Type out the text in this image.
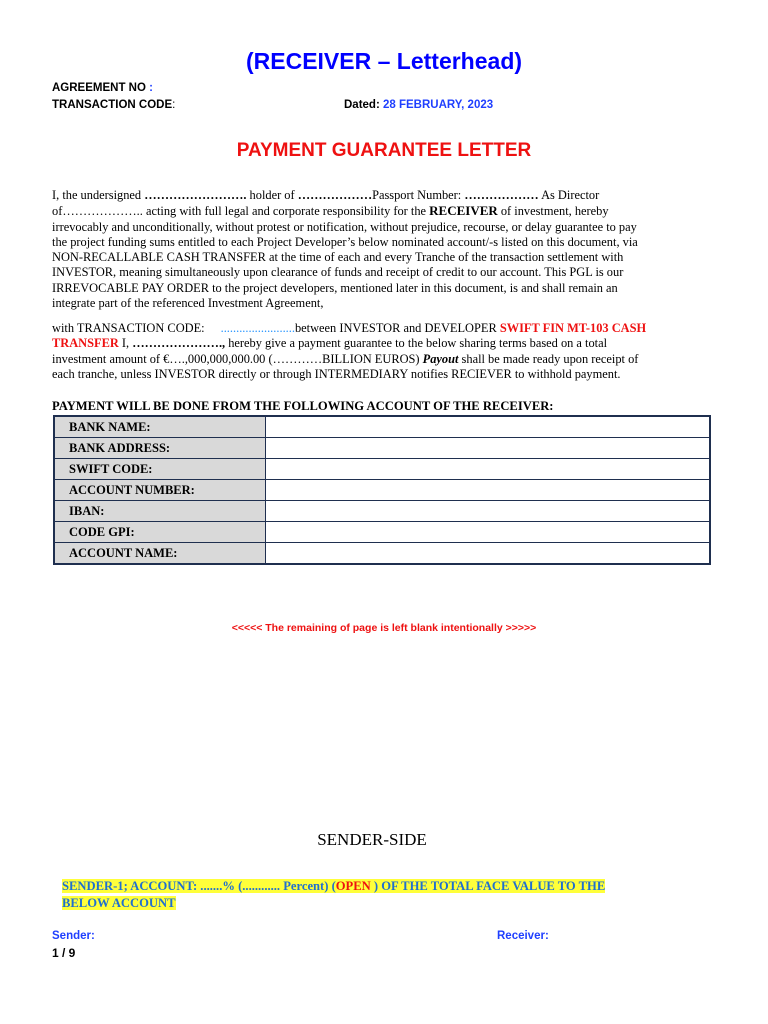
(RECEIVER – Letterhead)
AGREEMENT NO :
TRANSACTION CODE:	Dated: 28 FEBRUARY, 2023
PAYMENT GUARANTEE LETTER
I, the undersigned ……………………. holder of ………………Passport Number: ……………… As Director
of……………….. acting with full legal and corporate responsibility for the RECEIVER of investment, hereby
irrevocably and unconditionally, without protest or notification, without prejudice, recourse, or delay guarantee to pay
the project funding sums entitled to each Project Developer’s below nominated account/-s listed on this document, via
NON-RECALLABLE CASH TRANSFER at the time of each and every Tranche of the transaction settlement with
INVESTOR, meaning simultaneously upon clearance of funds and receipt of credit to our account. This PGL is our
IRREVOCABLE PAY ORDER to the project developers, mentioned later in this document, is and shall remain an
integrate part of the referenced Investment Agreement,
with TRANSACTION CODE: ........................between INVESTOR and DEVELOPER SWIFT FIN MT-103 CASH
TRANSFER I, …………………., hereby give a payment guarantee to the below sharing terms based on a total
investment amount of €….,000,000,000.00 (…………BILLION EUROS) Payout shall be made ready upon receipt of
each tranche, unless INVESTOR directly or through INTERMEDIARY notifies RECIEVER to withhold payment.
PAYMENT WILL BE DONE FROM THE FOLLOWING ACCOUNT OF THE RECEIVER:
BANK NAME:	
BANK ADDRESS:	
SWIFT CODE:	
ACCOUNT NUMBER:	
IBAN:	
CODE GPI:	
ACCOUNT NAME:	
<<<<< The remaining of page is left blank intentionally >>>>>
SENDER-SIDE
SENDER-1; ACCOUNT: .......% (............ Percent) (OPEN ) OF THE TOTAL FACE VALUE TO THE
BELOW ACCOUNT
Sender:	Receiver:
1 / 9
